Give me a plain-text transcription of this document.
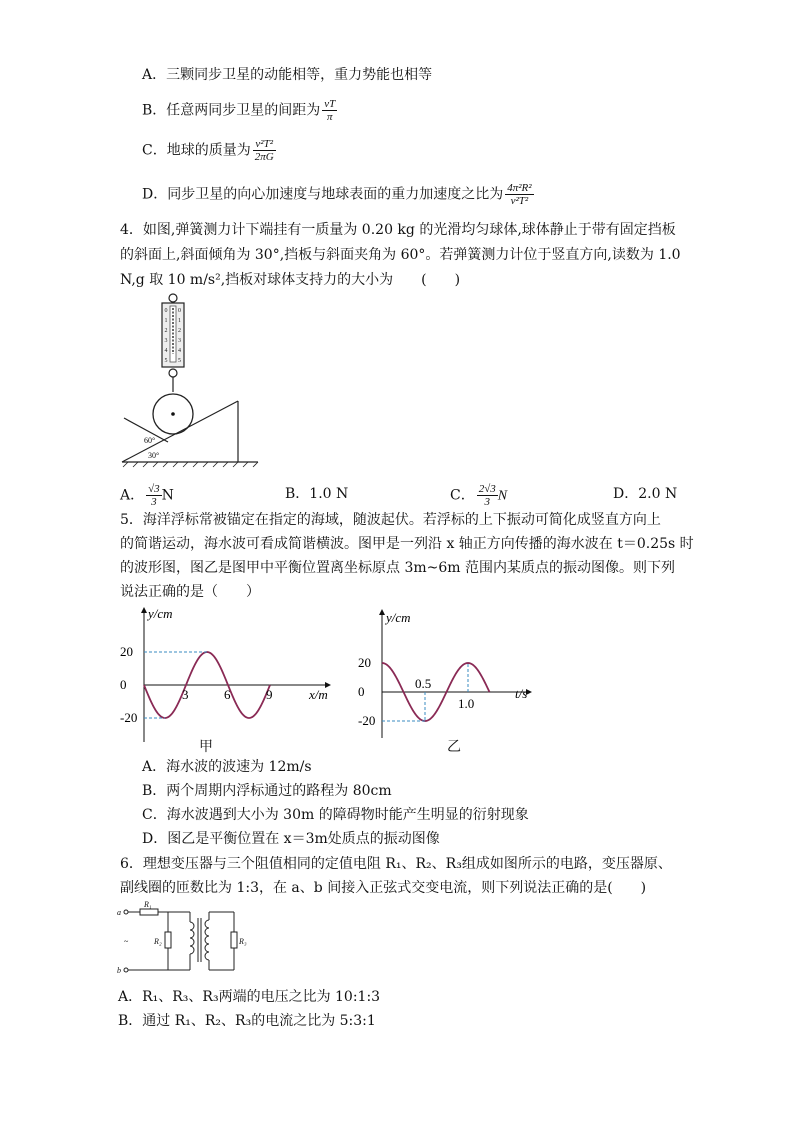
A．三颗同步卫星的动能相等，重力势能也相等
B．任意两同步卫星的间距为 $\frac{vT}{\pi}$
C．地球的质量为 $\frac{\text{v²T²}}{2\pi G}$
D．同步卫星的向心加速度与地球表面的重力加速度之比为 $\frac{\text{4π²R²}}{\text{v²T²}}$
4．如图,弹簧测力计下端挂有一质量为 0.20 kg 的光滑均匀球体,球体静止于带有固定挡板
的斜面上,斜面倾角为 30°,挡板与斜面夹角为 60°。若弹簧测力计位于竖直方向,读数为 1.0
N,g 取 10 m/s²,挡板对球体支持力的大小为　　(　　)
0
1
2
3
4
5
0
1
2
3
4
5
60°
30°
A． $\frac{√3}{3}$ N	B．1.0 N	C． $\frac{2√3}{3}$ N	D．2.0 N
5．海洋浮标常被锚定在指定的海域，随波起伏。若浮标的上下振动可简化成竖直方向上
的简谐运动，海水波可看成简谐横波。图甲是一列沿 x 轴正方向传播的海水波在 t＝0.25s 时
的波形图，图乙是图甲中平衡位置离坐标原点 3m~6m 范围内某质点的振动图像。则下列
说法正确的是（　　）
y/cm
x/m
20
0
-20
3	6	9
甲
y/cm
t/s
20
0
-20
0.5
1.0
乙
A．海水波的波速为 12m/s
B．两个周期内浮标通过的路程为 80cm
C．海水波遇到大小为 30m 的障碍物时能产生明显的衍射现象
D．图乙是平衡位置在 x＝3m处质点的振动图像
6．理想变压器与三个阻值相同的定值电阻 R₁、R₂、R₃组成如图所示的电路，变压器原、
副线圈的匝数比为 1:3，在 a、b 间接入正弦式交变电流，则下列说法正确的是(　　)
a
b
~
R₁
R₂	R₃
A．R₁、R₃、R₃两端的电压之比为 10:1:3
B．通过 R₁、R₂、R₃的电流之比为 5:3:1
